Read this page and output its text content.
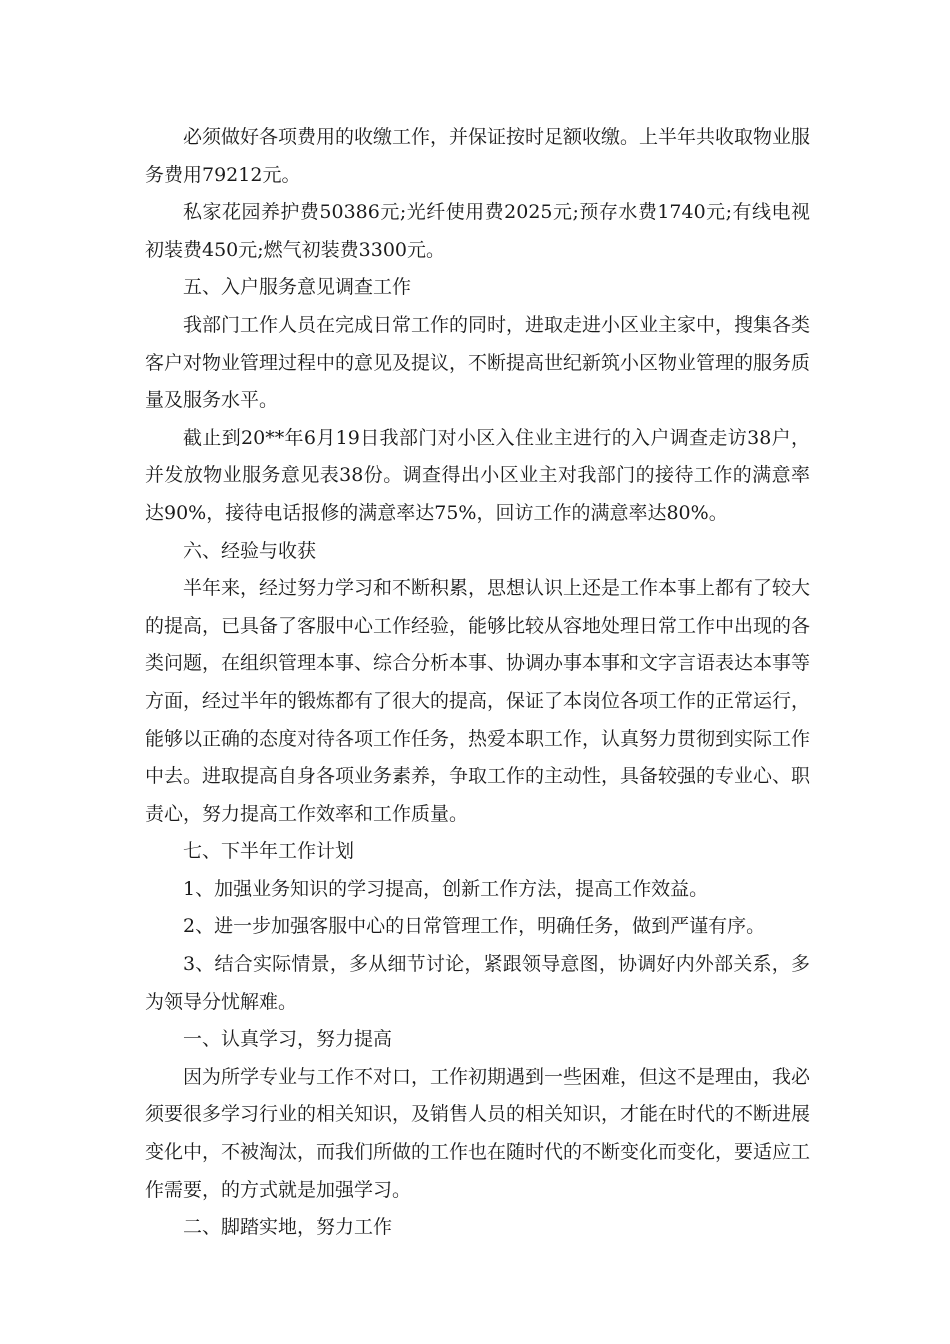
必须做好各项费用的收缴工作，并保证按时足额收缴。上半年共收取物业服务费用79212元。

私家花园养护费50386元;光纤使用费2025元;预存水费1740元;有线电视初装费450元;燃气初装费3300元。

五、入户服务意见调查工作

我部门工作人员在完成日常工作的同时，进取走进小区业主家中，搜集各类客户对物业管理过程中的意见及提议，不断提高世纪新筑小区物业管理的服务质量及服务水平。

截止到20**年6月19日我部门对小区入住业主进行的入户调查走访38户，并发放物业服务意见表38份。调查得出小区业主对我部门的接待工作的满意率达90%，接待电话报修的满意率达75%，回访工作的满意率达80%。

六、经验与收获

半年来，经过努力学习和不断积累，思想认识上还是工作本事上都有了较大的提高，已具备了客服中心工作经验，能够比较从容地处理日常工作中出现的各类问题，在组织管理本事、综合分析本事、协调办事本事和文字言语表达本事等方面，经过半年的锻炼都有了很大的提高，保证了本岗位各项工作的正常运行，能够以正确的态度对待各项工作任务，热爱本职工作，认真努力贯彻到实际工作中去。进取提高自身各项业务素养，争取工作的主动性，具备较强的专业心、职责心，努力提高工作效率和工作质量。

七、下半年工作计划

1、加强业务知识的学习提高，创新工作方法，提高工作效益。

2、进一步加强客服中心的日常管理工作，明确任务，做到严谨有序。

3、结合实际情景，多从细节讨论，紧跟领导意图，协调好内外部关系，多为领导分忧解难。

一、认真学习，努力提高

因为所学专业与工作不对口，工作初期遇到一些困难，但这不是理由，我必须要很多学习行业的相关知识，及销售人员的相关知识，才能在时代的不断进展变化中，不被淘汰，而我们所做的工作也在随时代的不断变化而变化，要适应工作需要，的方式就是加强学习。

二、脚踏实地，努力工作
